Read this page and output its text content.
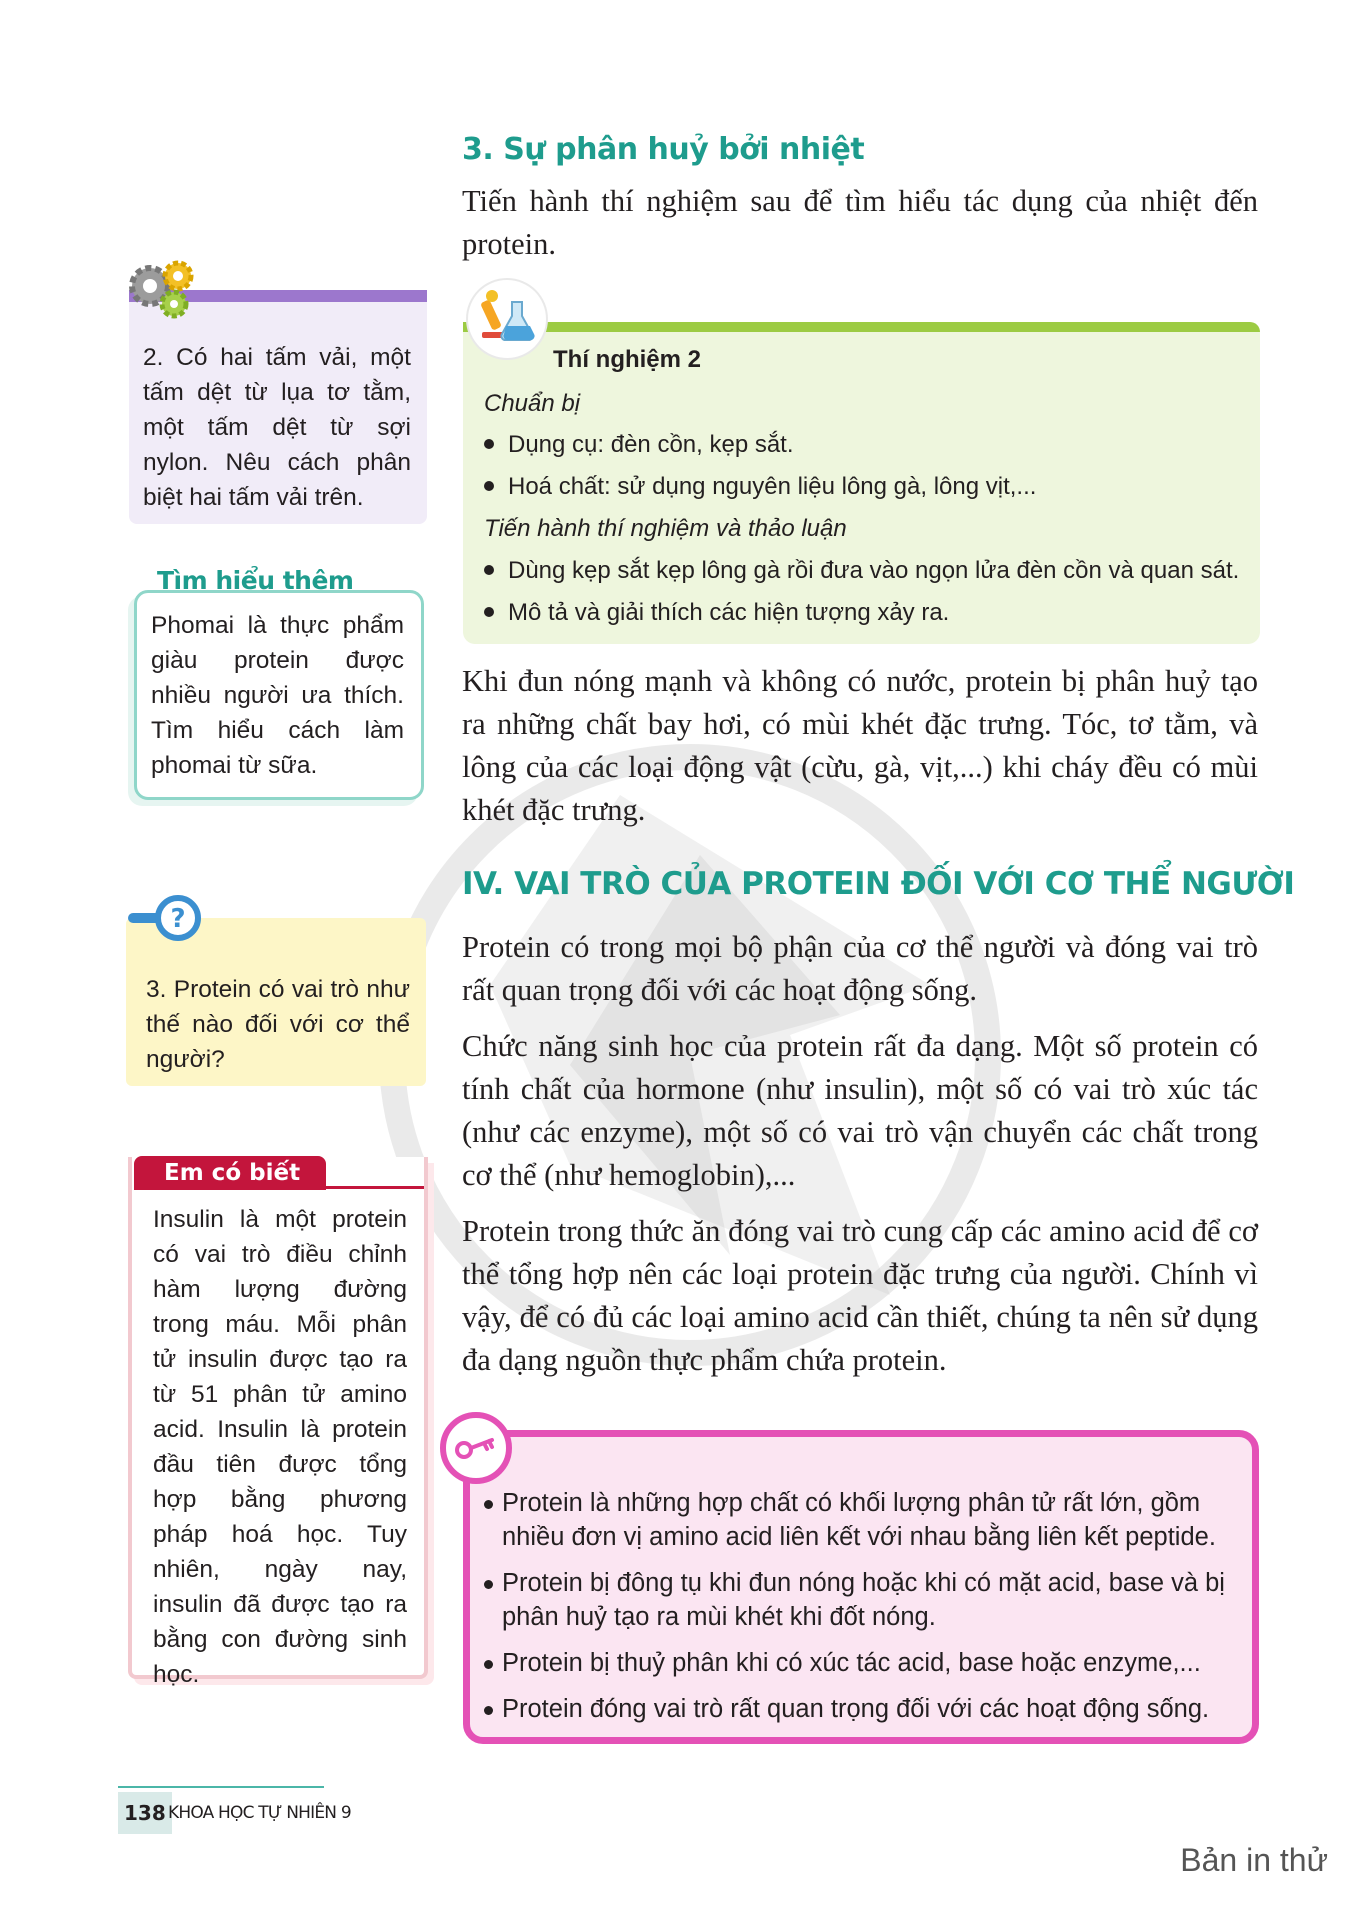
3. Sự phân huỷ bởi nhiệt
Tiến hành thí nghiệm sau để tìm hiểu tác dụng của nhiệt đến protein.
Thí nghiệm 2
Chuẩn bị
Dụng cụ: đèn cồn, kẹp sắt.
Hoá chất: sử dụng nguyên liệu lông gà, lông vịt,...
Tiến hành thí nghiệm và thảo luận
Dùng kẹp sắt kẹp lông gà rồi đưa vào ngọn lửa đèn cồn và quan sát.
Mô tả và giải thích các hiện tượng xảy ra.
Khi đun nóng mạnh và không có nước, protein bị phân huỷ tạo ra những chất bay hơi, có mùi khét đặc trưng. Tóc, tơ tằm, và lông của các loại động vật (cừu, gà, vịt,...) khi cháy đều có mùi khét đặc trưng.
IV. VAI TRÒ CỦA PROTEIN ĐỐI VỚI CƠ THỂ NGƯỜI
Protein có trong mọi bộ phận của cơ thể người và đóng vai trò rất quan trọng đối với các hoạt động sống.
Chức năng sinh học của protein rất đa dạng. Một số protein có tính chất của hormone (như insulin), một số có vai trò xúc tác (như các enzyme), một số có vai trò vận chuyển các chất trong cơ thể (như hemoglobin),...
Protein trong thức ăn đóng vai trò cung cấp các amino acid để cơ thể tổng hợp nên các loại protein đặc trưng của người. Chính vì vậy, để có đủ các loại amino acid cần thiết, chúng ta nên sử dụng đa dạng nguồn thực phẩm chứa protein.
Protein là những hợp chất có khối lượng phân tử rất lớn, gồm nhiều đơn vị amino acid liên kết với nhau bằng liên kết peptide.
Protein bị đông tụ khi đun nóng hoặc khi có mặt acid, base và bị phân huỷ tạo ra mùi khét khi đốt nóng.
Protein bị thuỷ phân khi có xúc tác acid, base hoặc enzyme,...
Protein đóng vai trò rất quan trọng đối với các hoạt động sống.
2. Có hai tấm vải, một tấm dệt từ lụa tơ tằm, một tấm dệt từ sợi nylon. Nêu cách phân biệt hai tấm vải trên.
Tìm hiểu thêm
Phomai là thực phẩm giàu protein được nhiều người ưa thích. Tìm hiểu cách làm phomai từ sữa.
?
3. Protein có vai trò như thế nào đối với cơ thể người?
Em có biết
Insulin là một protein có vai trò điều chỉnh hàm lượng đường trong máu. Mỗi phân tử insulin được tạo ra từ 51 phân tử amino acid. Insulin là protein đầu tiên được tổng hợp bằng phương pháp hoá học. Tuy nhiên, ngày nay, insulin đã được tạo ra bằng con đường sinh học.
138 KHOA HỌC TỰ NHIÊN 9
Bản in thử
